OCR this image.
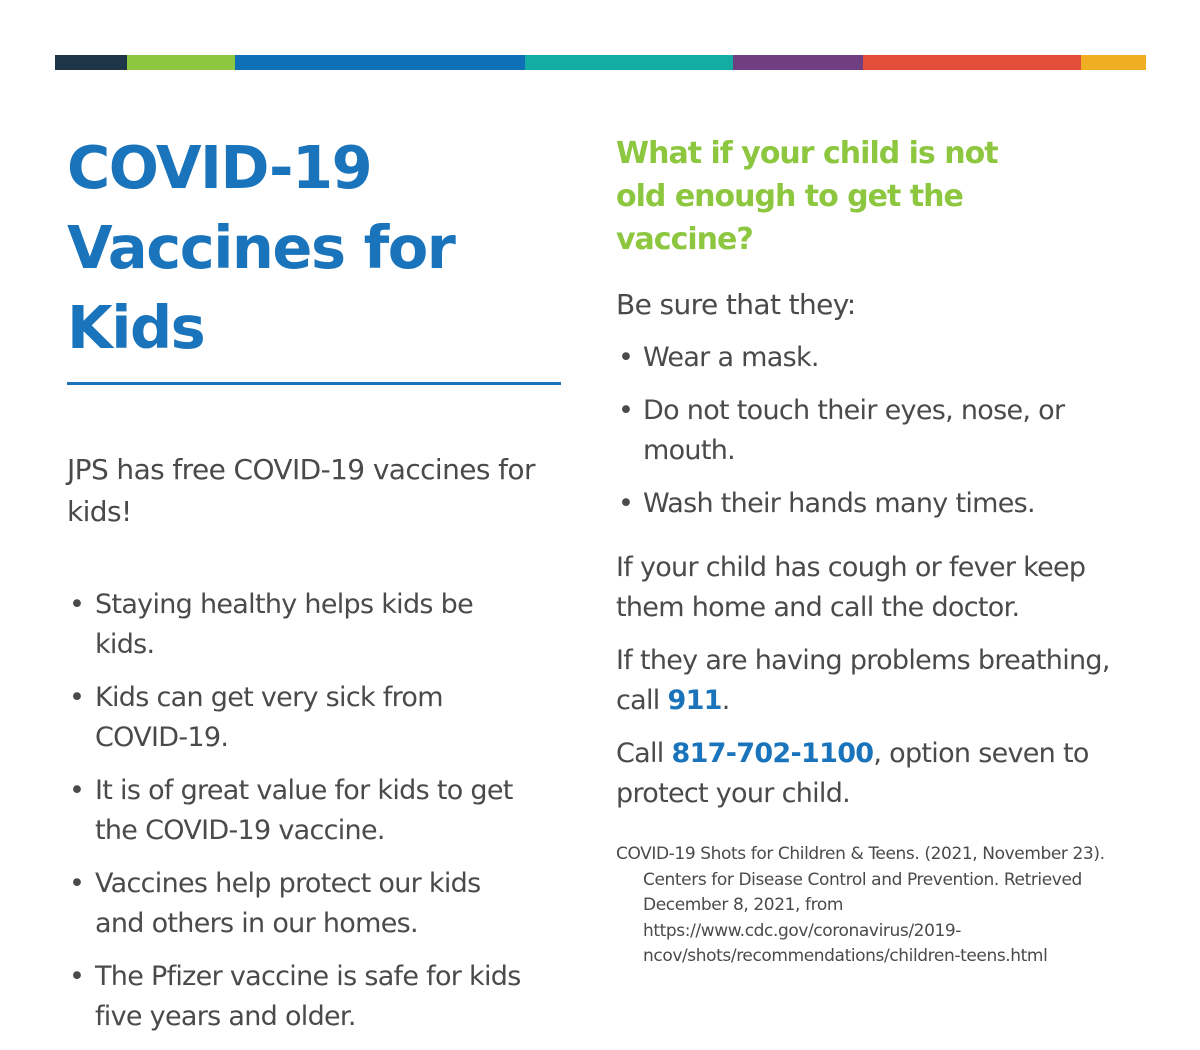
COVID-19
Vaccines for Kids

JPS has free COVID-19 vaccines for kids!

• Staying healthy helps kids be kids.
• Kids can get very sick from COVID-19.
• It is of great value for kids to get the COVID-19 vaccine.
• Vaccines help protect our kids and others in our homes.
• The Pfizer vaccine is safe for kids five years and older.
What if your child is not old enough to get the vaccine?

Be sure that they:

• Wear a mask.
• Do not touch their eyes, nose, or mouth.
• Wash their hands many times.

If your child has cough or fever keep them home and call the doctor.

If they are having problems breathing, call 911.

Call 817-702-1100, option seven to protect your child.

COVID-19 Shots for Children & Teens. (2021, November 23). Centers for Disease Control and Prevention. Retrieved December 8, 2021, from https://www.cdc.gov/coronavirus/2019-ncov/shots/recommendations/children-teens.html
